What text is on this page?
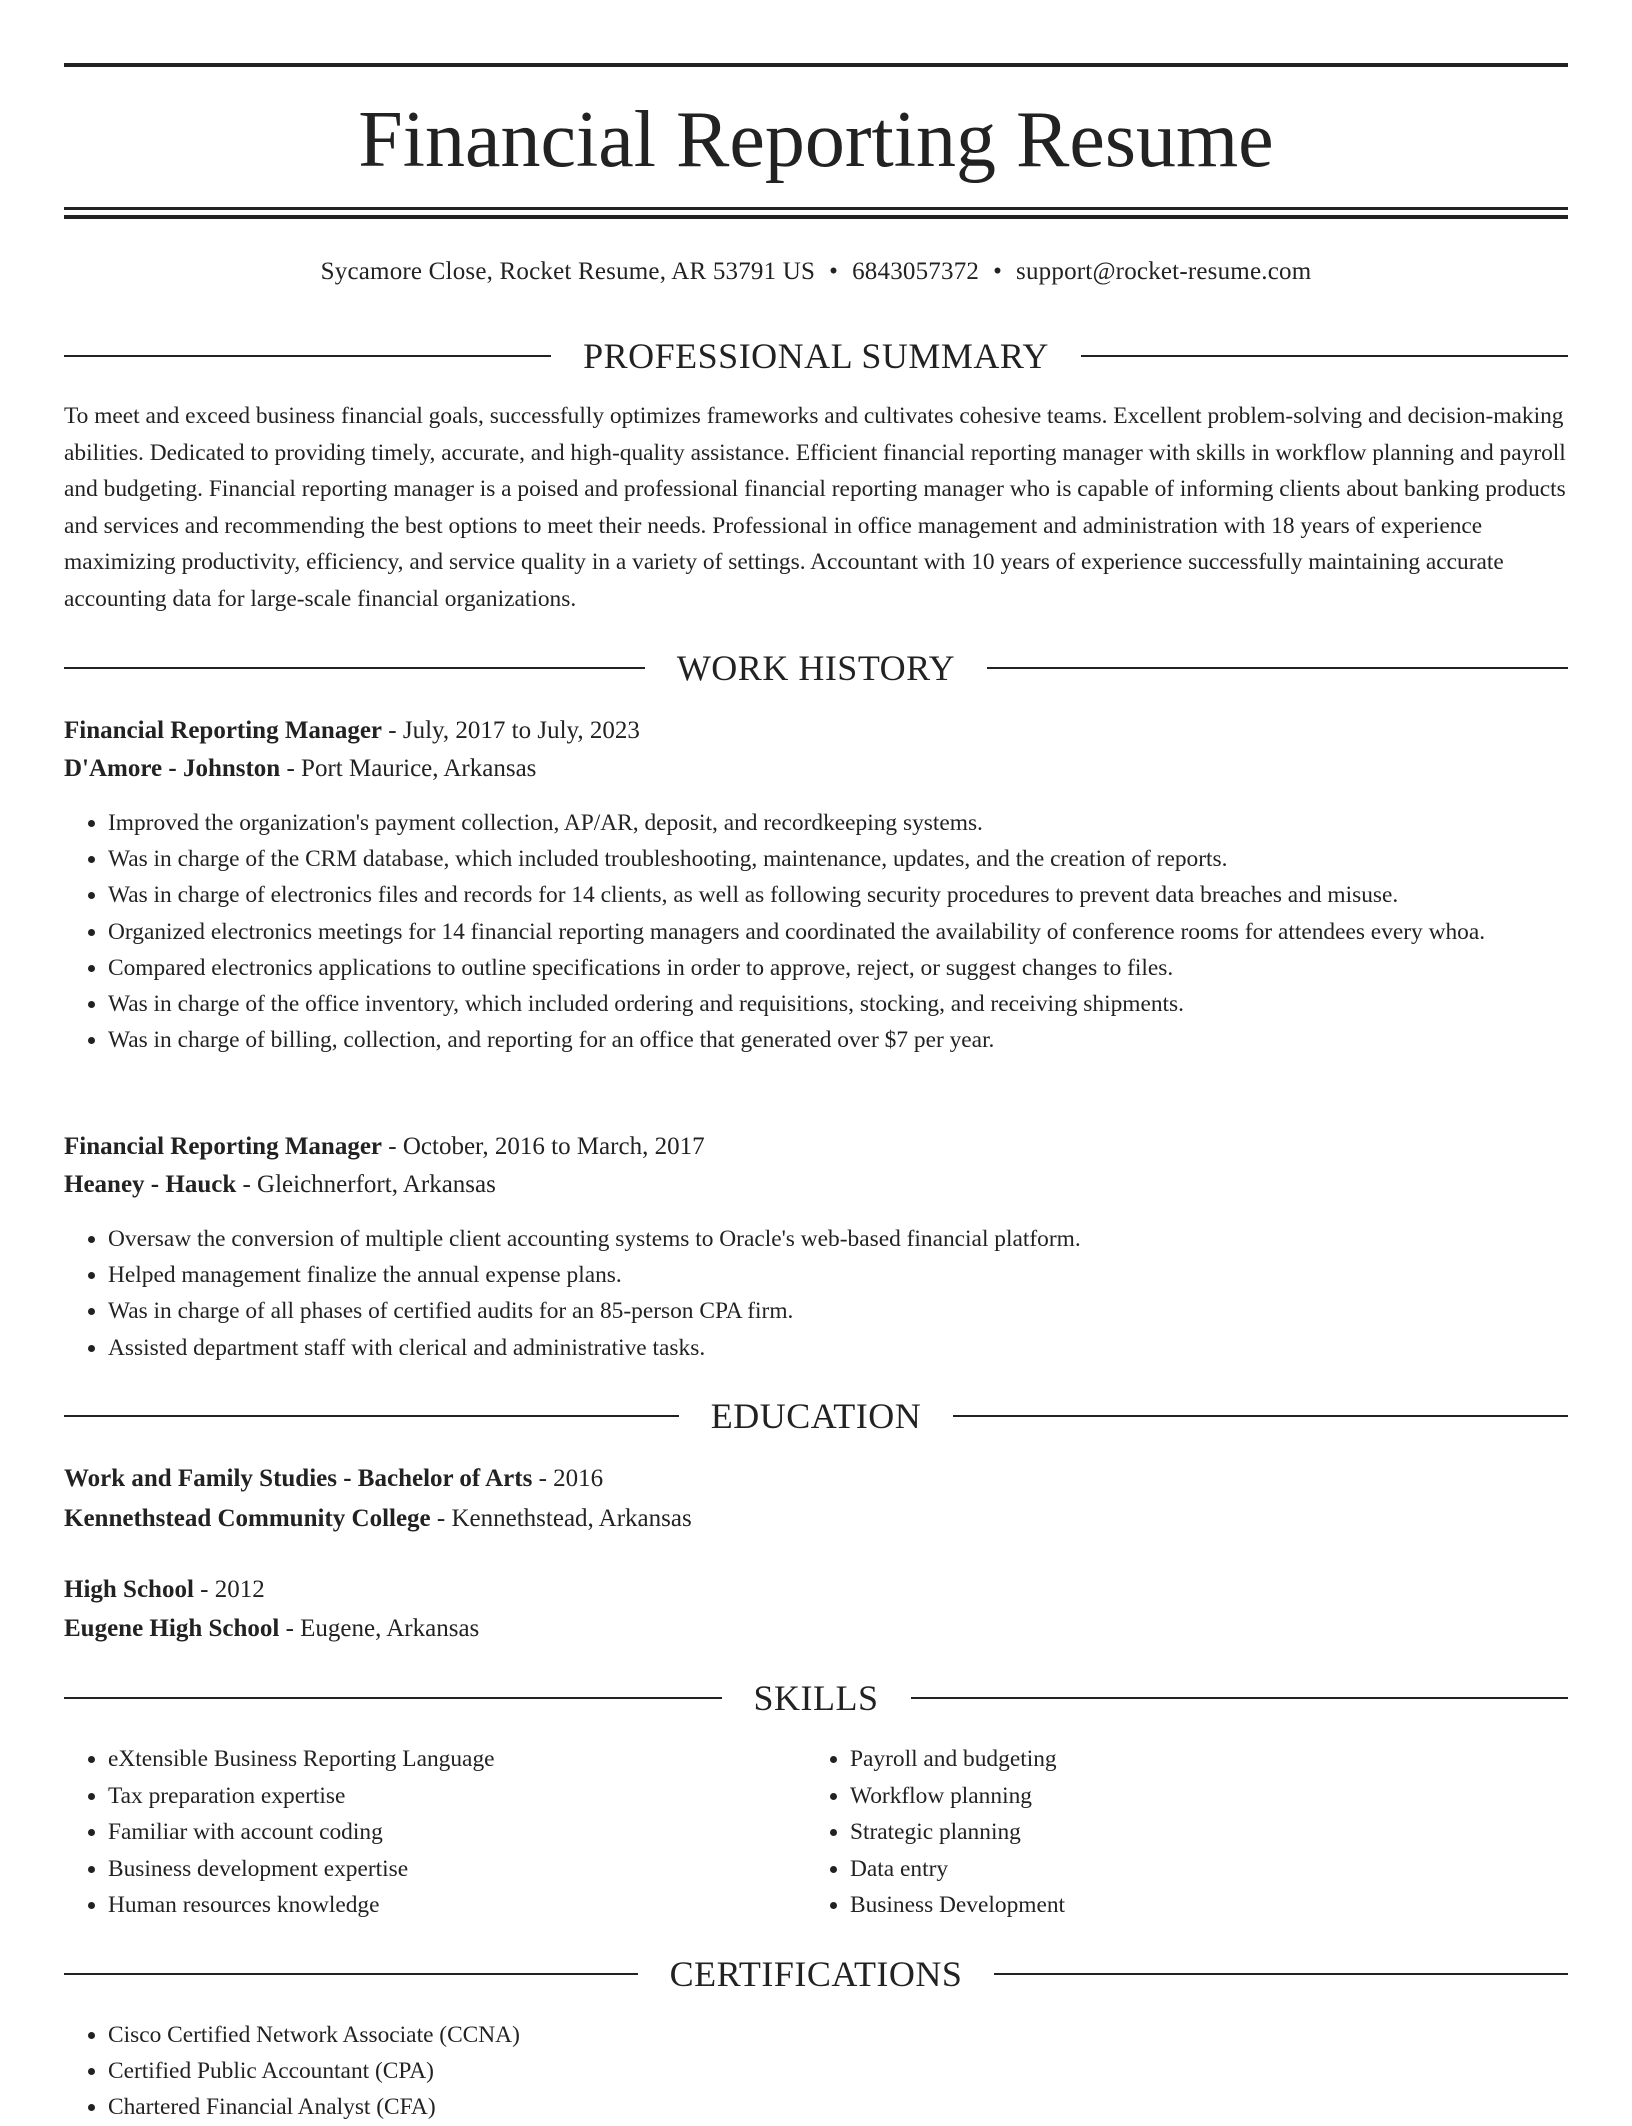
Financial Reporting Resume
Sycamore Close, Rocket Resume, AR 53791 US • 6843057372 • support@rocket-resume.com
PROFESSIONAL SUMMARY

To meet and exceed business financial goals, successfully optimizes frameworks and cultivates cohesive teams. Excellent problem-solving and decision-making abilities. Dedicated to providing timely, accurate, and high-quality assistance. Efficient financial reporting manager with skills in workflow planning and payroll and budgeting. Financial reporting manager is a poised and professional financial reporting manager who is capable of informing clients about banking products and services and recommending the best options to meet their needs. Professional in office management and administration with 18 years of experience maximizing productivity, efficiency, and service quality in a variety of settings. Accountant with 10 years of experience successfully maintaining accurate accounting data for large-scale financial organizations.

WORK HISTORY
Financial Reporting Manager - July, 2017 to July, 2023
D'Amore - Johnston - Port Maurice, Arkansas
• Improved the organization's payment collection, AP/AR, deposit, and recordkeeping systems.
• Was in charge of the CRM database, which included troubleshooting, maintenance, updates, and the creation of reports.
• Was in charge of electronics files and records for 14 clients, as well as following security procedures to prevent data breaches and misuse.
• Organized electronics meetings for 14 financial reporting managers and coordinated the availability of conference rooms for attendees every whoa.
• Compared electronics applications to outline specifications in order to approve, reject, or suggest changes to files.
• Was in charge of the office inventory, which included ordering and requisitions, stocking, and receiving shipments.
• Was in charge of billing, collection, and reporting for an office that generated over $7 per year.
Financial Reporting Manager - October, 2016 to March, 2017
Heaney - Hauck - Gleichnerfort, Arkansas
• Oversaw the conversion of multiple client accounting systems to Oracle's web-based financial platform.
• Helped management finalize the annual expense plans.
• Was in charge of all phases of certified audits for an 85-person CPA firm.
• Assisted department staff with clerical and administrative tasks.
EDUCATION
Work and Family Studies - Bachelor of Arts - 2016
Kennethstead Community College - Kennethstead, Arkansas
High School - 2012
Eugene High School - Eugene, Arkansas
SKILLS
• eXtensible Business Reporting Language
• Tax preparation expertise
• Familiar with account coding
• Business development expertise
• Human resources knowledge
• Payroll and budgeting
• Workflow planning
• Strategic planning
• Data entry
• Business Development
CERTIFICATIONS
• Cisco Certified Network Associate (CCNA)
• Certified Public Accountant (CPA)
• Chartered Financial Analyst (CFA)
